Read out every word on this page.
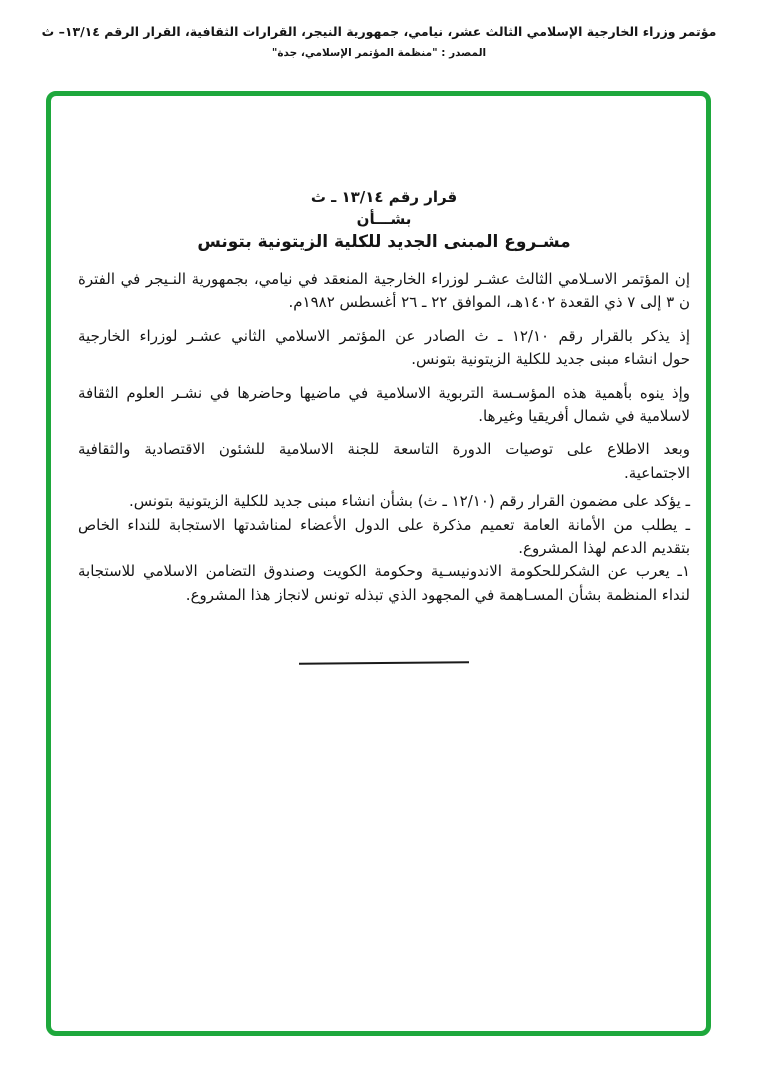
مؤتمر وزراء الخارجية الإسلامي الثالث عشر، نيامي، جمهورية النيجر، القرارات الثقافية، القرار الرقم ١٣/١٤– ث
المصدر : "منظمة المؤتمر الإسلامي، جدة"
قرار رقم ١٣/١٤ ـ ث
بشـــأن
مشـروع المبنى الجديد للكلية الزيتونية بتونس
إن المؤتمر الاسـلامي الثالث عشـر لوزراء الخارجية المنعقد في نيامي، بجمهورية النـيجر في الفترة
ن ٣ إلى ٧ ذي القعدة ١٤٠٢هـ، الموافق ٢٢ ـ ٢٦ أغسطس ١٩٨٢م.
إذ يذكر بالقرار رقم ١٢/١٠ ـ ث الصادر عن المؤتمر الاسلامي الثاني عشـر لوزراء الخارجية
حول انشاء مبنى جديد للكلية الزيتونية بتونس.
وإذ ينوه بأهمية هذه المؤسـسة التربوية الاسلامية في ماضيها وحاضرها في نشـر العلوم الثقافة
لاسلامية في شمال أفريقيا وغيرها.
وبعد الاطلاع على توصيات الدورة التاسعة للجنة الاسلامية للشئون الاقتصادية والثقافية
الاجتماعية.
ـ يؤكد على مضمون القرار رقم (١٢/١٠ ـ ث) بشأن انشاء مبنى جديد للكلية الزيتونية بتونس.
ـ يطلب من الأمانة العامة تعميم مذكرة على الدول الأعضاء لمناشدتها الاستجابة للنداء الخاص
بتقديم الدعم لهذا المشروع.
١ـ يعرب عن الشكرللحكومة الاندونيسـية وحكومة الكويت وصندوق التضامن الاسلامي للاستجابة
لنداء المنظمة بشأن المسـاهمة في المجهود الذي تبذله تونس لانجاز هذا المشروع.
